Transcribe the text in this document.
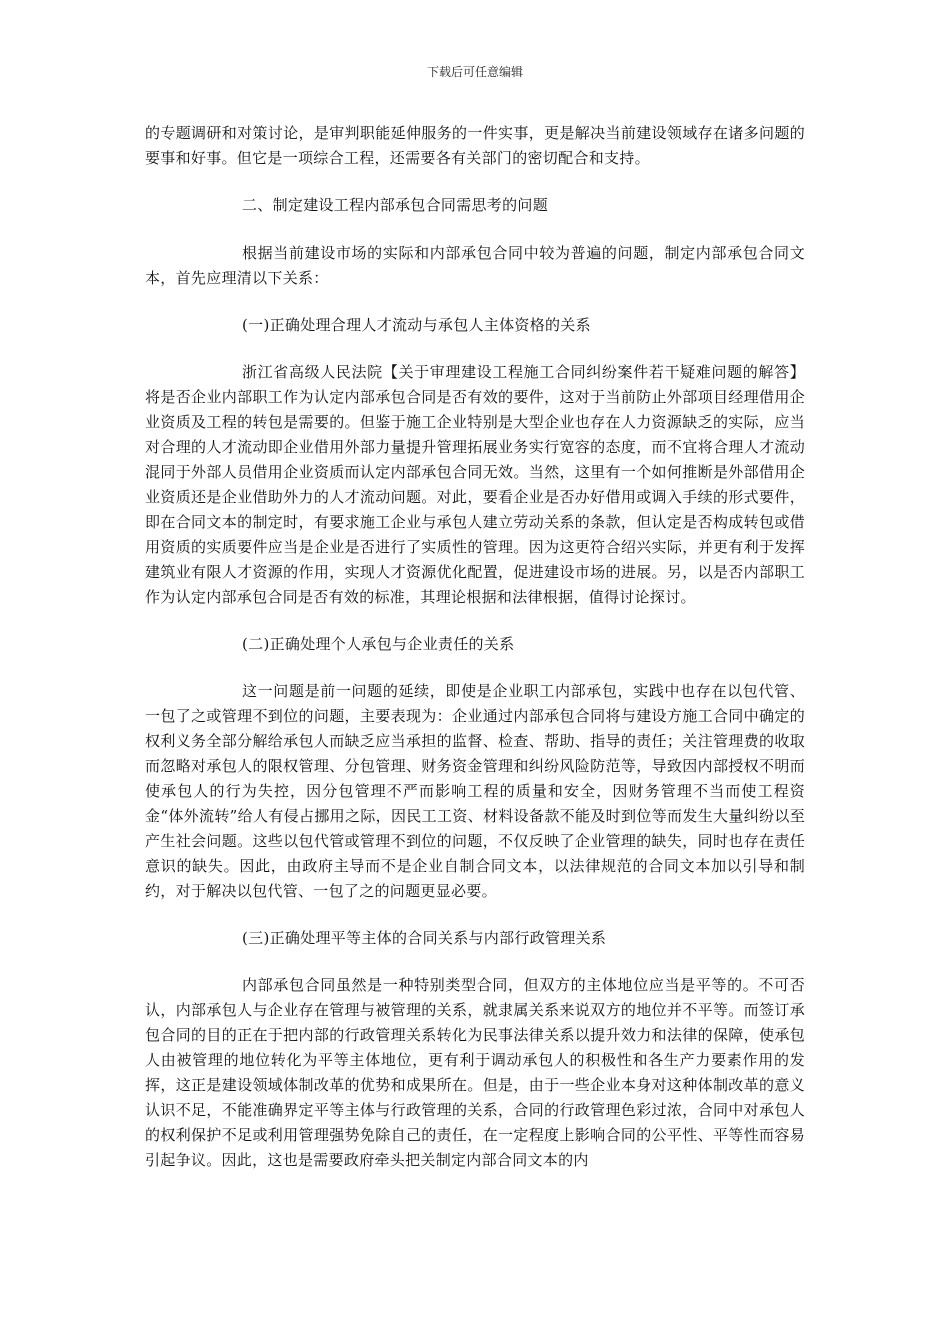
下载后可任意编辑

的专题调研和对策讨论，是审判职能延伸服务的一件实事，更是解决当前建设领域存在诸多问题的要事和好事。但它是一项综合工程，还需要各有关部门的密切配合和支持。

二、制定建设工程内部承包合同需思考的问题

根据当前建设市场的实际和内部承包合同中较为普遍的问题，制定内部承包合同文本，首先应理清以下关系：

(一)正确处理合理人才流动与承包人主体资格的关系

浙江省高级人民法院【关于审理建设工程施工合同纠纷案件若干疑难问题的解答】将是否企业内部职工作为认定内部承包合同是否有效的要件，这对于当前防止外部项目经理借用企业资质及工程的转包是需要的。但鉴于施工企业特别是大型企业也存在人力资源缺乏的实际，应当对合理的人才流动即企业借用外部力量提升管理拓展业务实行宽容的态度，而不宜将合理人才流动混同于外部人员借用企业资质而认定内部承包合同无效。当然，这里有一个如何推断是外部借用企业资质还是企业借助外力的人才流动问题。对此，要看企业是否办好借用或调入手续的形式要件，即在合同文本的制定时，有要求施工企业与承包人建立劳动关系的条款，但认定是否构成转包或借用资质的实质要件应当是企业是否进行了实质性的管理。因为这更符合绍兴实际，并更有利于发挥建筑业有限人才资源的作用，实现人才资源优化配置，促进建设市场的进展。另，以是否内部职工作为认定内部承包合同是否有效的标准，其理论根据和法律根据，值得讨论探讨。

(二)正确处理个人承包与企业责任的关系

这一问题是前一问题的延续，即使是企业职工内部承包，实践中也存在以包代管、一包了之或管理不到位的问题，主要表现为：企业通过内部承包合同将与建设方施工合同中确定的权利义务全部分解给承包人而缺乏应当承担的监督、检查、帮助、指导的责任；关注管理费的收取而忽略对承包人的限权管理、分包管理、财务资金管理和纠纷风险防范等，导致因内部授权不明而使承包人的行为失控，因分包管理不严而影响工程的质量和安全，因财务管理不当而使工程资金“体外流转”给人有侵占挪用之际，因民工工资、材料设备款不能及时到位等而发生大量纠纷以至产生社会问题。这些以包代管或管理不到位的问题，不仅反映了企业管理的缺失，同时也存在责任意识的缺失。因此，由政府主导而不是企业自制合同文本，以法律规范的合同文本加以引导和制约，对于解决以包代管、一包了之的问题更显必要。

(三)正确处理平等主体的合同关系与内部行政管理关系

内部承包合同虽然是一种特别类型合同，但双方的主体地位应当是平等的。不可否认，内部承包人与企业存在管理与被管理的关系，就隶属关系来说双方的地位并不平等。而签订承包合同的目的正在于把内部的行政管理关系转化为民事法律关系以提升效力和法律的保障，使承包人由被管理的地位转化为平等主体地位，更有利于调动承包人的积极性和各生产力要素作用的发挥，这正是建设领域体制改革的优势和成果所在。但是，由于一些企业本身对这种体制改革的意义认识不足，不能准确界定平等主体与行政管理的关系，合同的行政管理色彩过浓，合同中对承包人的权利保护不足或利用管理强势免除自己的责任，在一定程度上影响合同的公平性、平等性而容易引起争议。因此，这也是需要政府牵头把关制定内部合同文本的内
